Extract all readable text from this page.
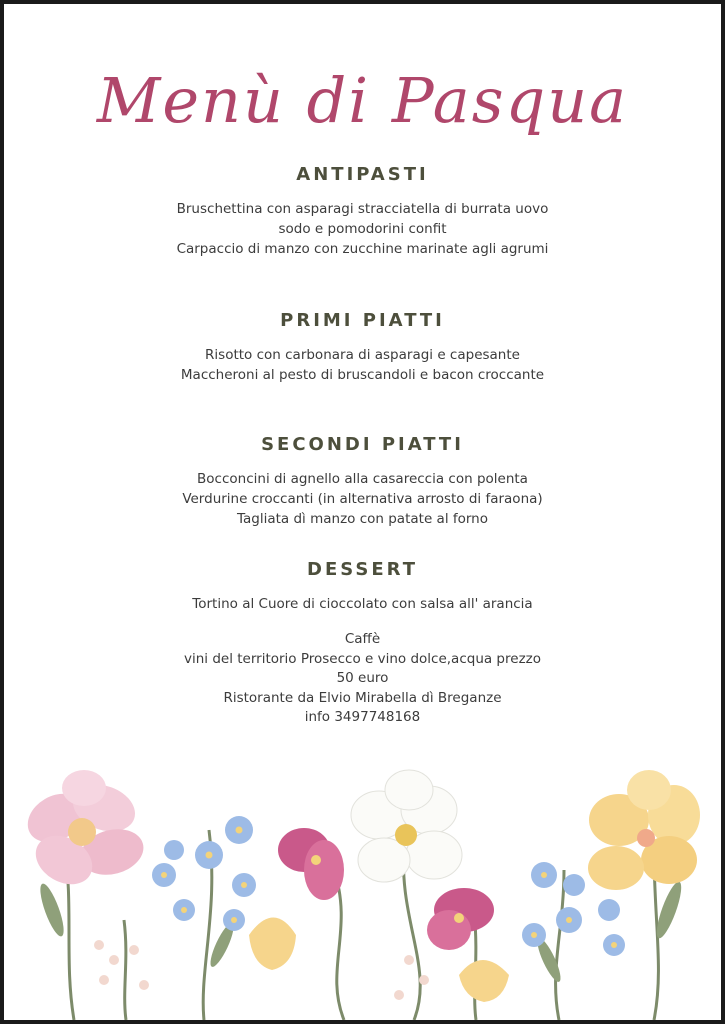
Menù di Pasqua
ANTIPASTI
Bruschettina con asparagi stracciatella di burrata uovo
sodo e pomodorini confit
Carpaccio di manzo con zucchine marinate agli agrumi
PRIMI PIATTI
Risotto con carbonara di asparagi e capesante
Maccheroni al pesto di bruscandoli e bacon croccante
SECONDI PIATTI
Bocconcini di agnello alla casareccia con polenta
Verdurine croccanti (in alternativa arrosto di faraona)
Tagliata dì manzo con patate al forno
DESSERT
Tortino al Cuore di cioccolato con salsa all' arancia
Caffè
vini del territorio Prosecco e vino dolce,acqua prezzo
50 euro
Ristorante da Elvio Mirabella dì Breganze
info 3497748168
